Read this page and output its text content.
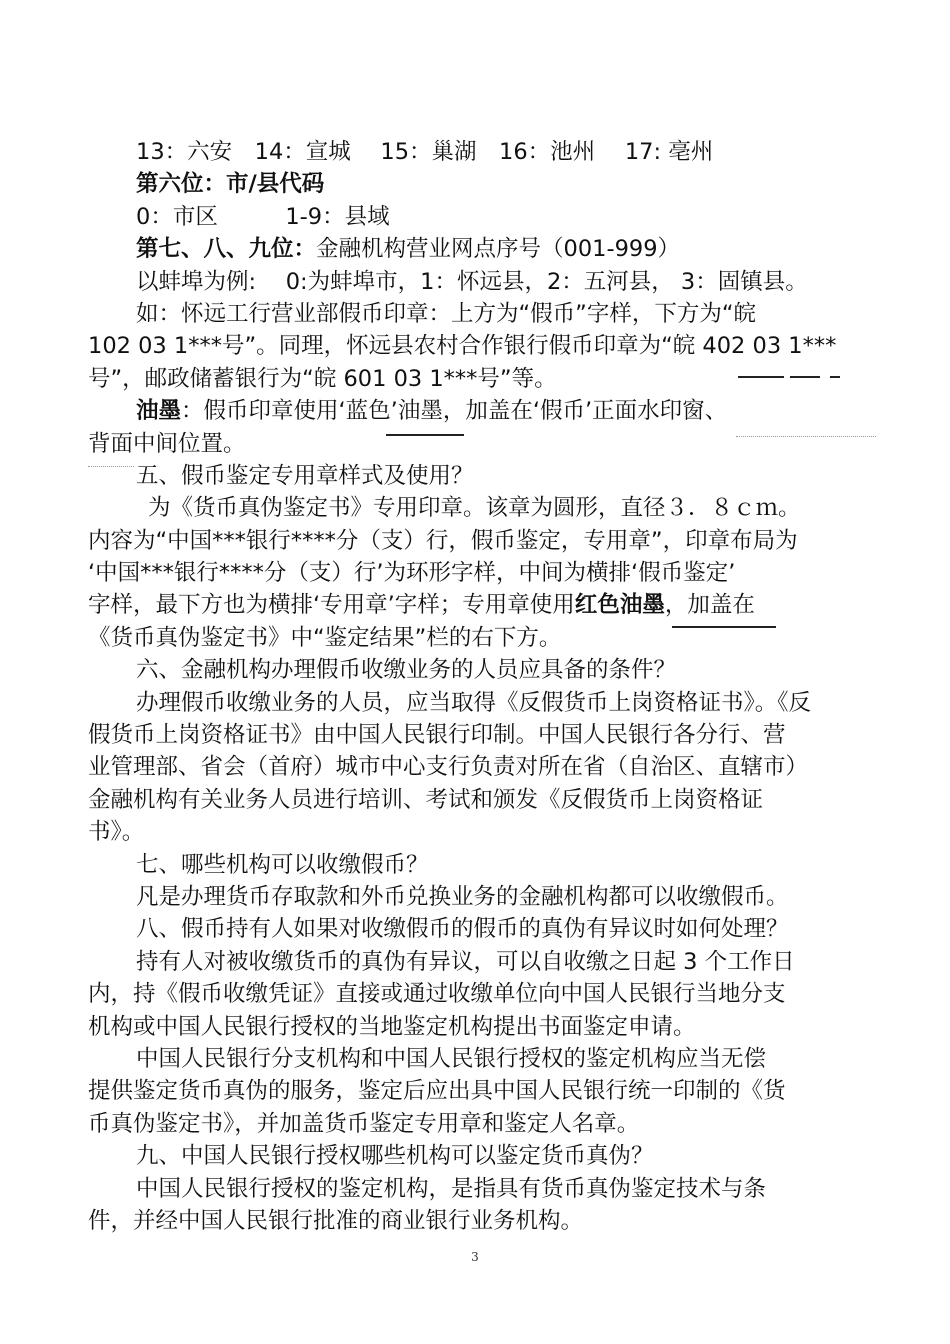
13：六安　14：宣城　 15：巢湖　16：池州　 17: 亳州
第六位：市/县代码
0：市区　　　1-9：县域
第七、八、九位：金融机构营业网点序号（001-999）
以蚌埠为例:　 0:为蚌埠市，1：怀远县，2：五河县， 3：固镇县。
如：怀远工行营业部假币印章：上方为“假币”字样，下方为“皖
102 03 1***号”。同理，怀远县农村合作银行假币印章为“皖 402 03 1***
号”，邮政储蓄银行为“皖 601 03 1***号”等。
油墨：假币印章使用‘蓝色’油墨，加盖在‘假币’正面水印窗、
背面中间位置。
五、假币鉴定专用章样式及使用？
为《货币真伪鉴定书》专用印章。该章为圆形，直径３．８ｃｍ。
内容为“中国***银行****分（支）行，假币鉴定，专用章”，印章布局为
‘中国***银行****分（支）行’为环形字样，中间为横排‘假币鉴定’
字样，最下方也为横排‘专用章’字样；专用章使用红色油墨，加盖在
《货币真伪鉴定书》中“鉴定结果”栏的右下方。
六、金融机构办理假币收缴业务的人员应具备的条件？
办理假币收缴业务的人员，应当取得《反假货币上岗资格证书》。《反
假货币上岗资格证书》由中国人民银行印制。中国人民银行各分行、营
业管理部、省会（首府）城市中心支行负责对所在省（自治区、直辖市）
金融机构有关业务人员进行培训、考试和颁发《反假货币上岗资格证
书》。
七、哪些机构可以收缴假币？
凡是办理货币存取款和外币兑换业务的金融机构都可以收缴假币。
八、假币持有人如果对收缴假币的假币的真伪有异议时如何处理？
持有人对被收缴货币的真伪有异议，可以自收缴之日起 3 个工作日
内，持《假币收缴凭证》直接或通过收缴单位向中国人民银行当地分支
机构或中国人民银行授权的当地鉴定机构提出书面鉴定申请。
中国人民银行分支机构和中国人民银行授权的鉴定机构应当无偿
提供鉴定货币真伪的服务，鉴定后应出具中国人民银行统一印制的《货
币真伪鉴定书》，并加盖货币鉴定专用章和鉴定人名章。
九、中国人民银行授权哪些机构可以鉴定货币真伪？
中国人民银行授权的鉴定机构，是指具有货币真伪鉴定技术与条
件，并经中国人民银行批准的商业银行业务机构。
3
